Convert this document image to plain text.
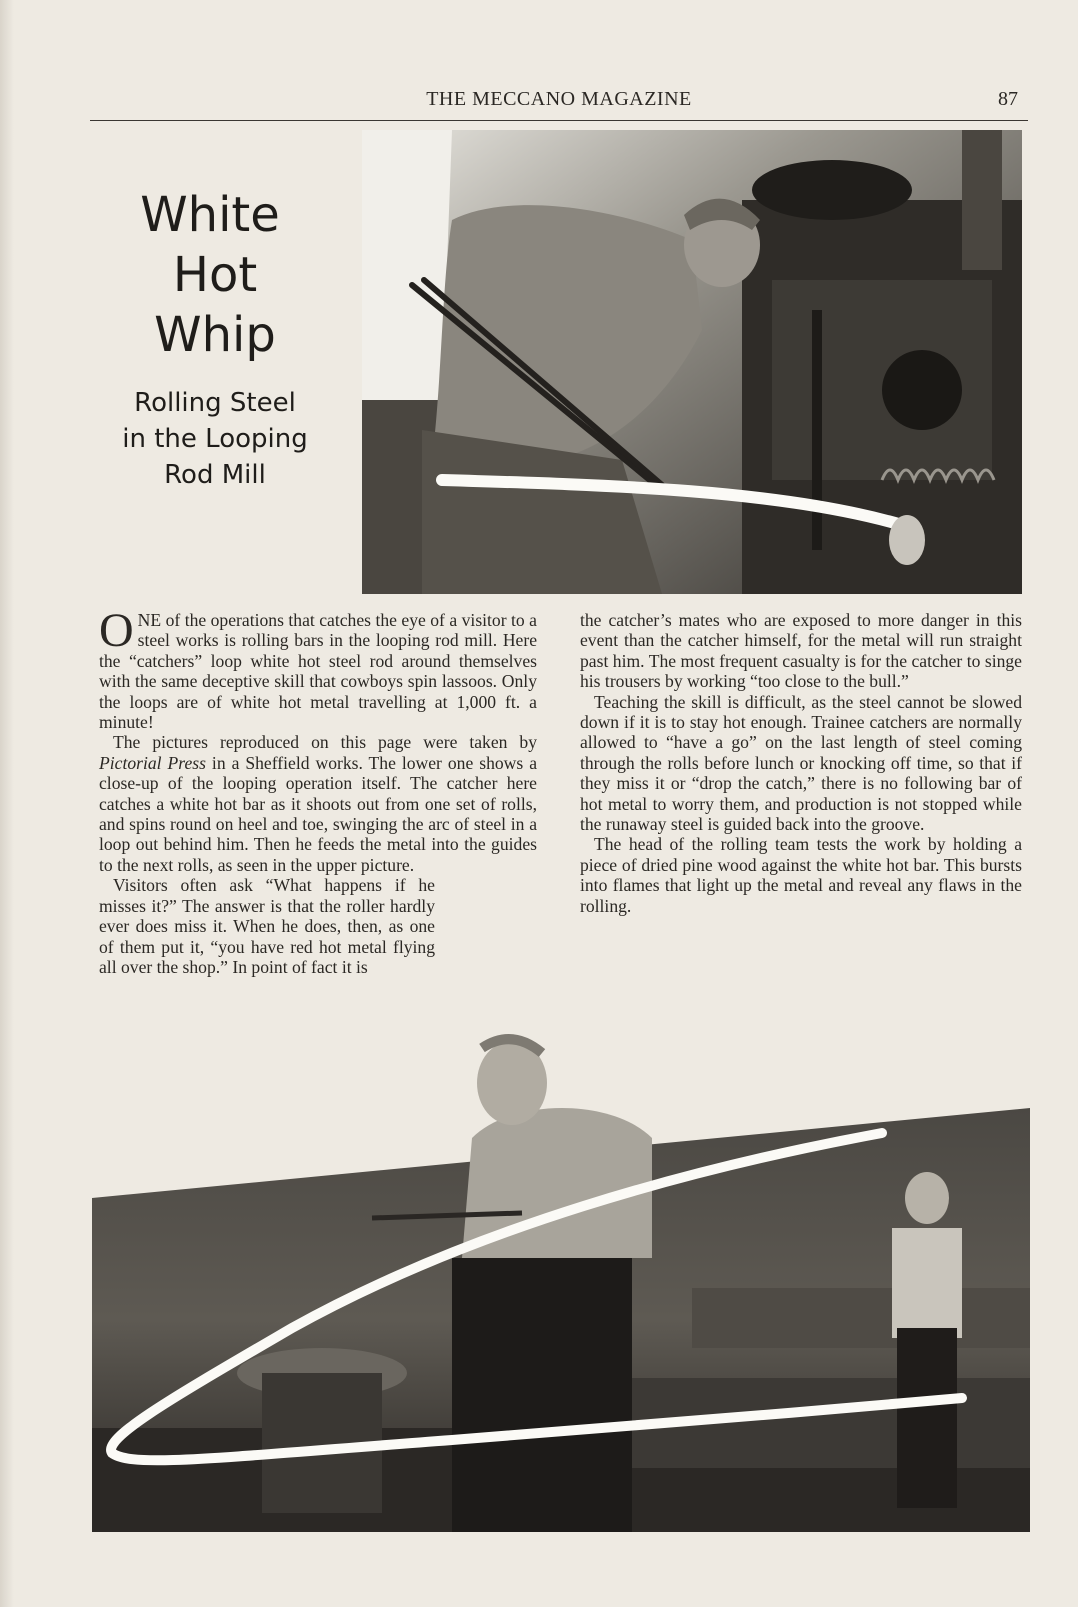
THE MECCANO MAGAZINE	87
White
Hot
Whip
Rolling Steel
in the Looping
Rod Mill

ONE of the operations that catches the eye of a visitor to a steel works is rolling bars in the looping rod mill. Here the “catchers” loop white hot steel rod around themselves with the same deceptive skill that cowboys spin lassoos. Only the loops are of white hot metal travelling at 1,000 ft. a minute!

The pictures reproduced on this page were taken by Pictorial Press in a Sheffield works. The lower one shows a close-up of the looping operation itself. The catcher here catches a white hot bar as it shoots out from one set of rolls, and spins round on heel and toe, swinging the arc of steel in a loop out behind him. Then he feeds the metal into the guides to the next rolls, as seen in the upper picture.

Visitors often ask “What happens if he misses it?” The answer is that the roller hardly ever does miss it. When he does, then, as one of them put it, “you have red hot metal flying all over the shop.” In point of fact it is

the catcher’s mates who are exposed to more danger in this event than the catcher himself, for the metal will run straight past him. The most frequent casualty is for the catcher to singe his trousers by working “too close to the bull.”

Teaching the skill is difficult, as the steel cannot be slowed down if it is to stay hot enough. Trainee catchers are normally allowed to “have a go” on the last length of steel coming through the rolls before lunch or knocking off time, so that if they miss it or “drop the catch,” there is no following bar of hot metal to worry them, and production is not stopped while the runaway steel is guided back into the groove.

The head of the rolling team tests the work by holding a piece of dried pine wood against the white hot bar. This bursts into flames that light up the metal and reveal any flaws in the rolling.
